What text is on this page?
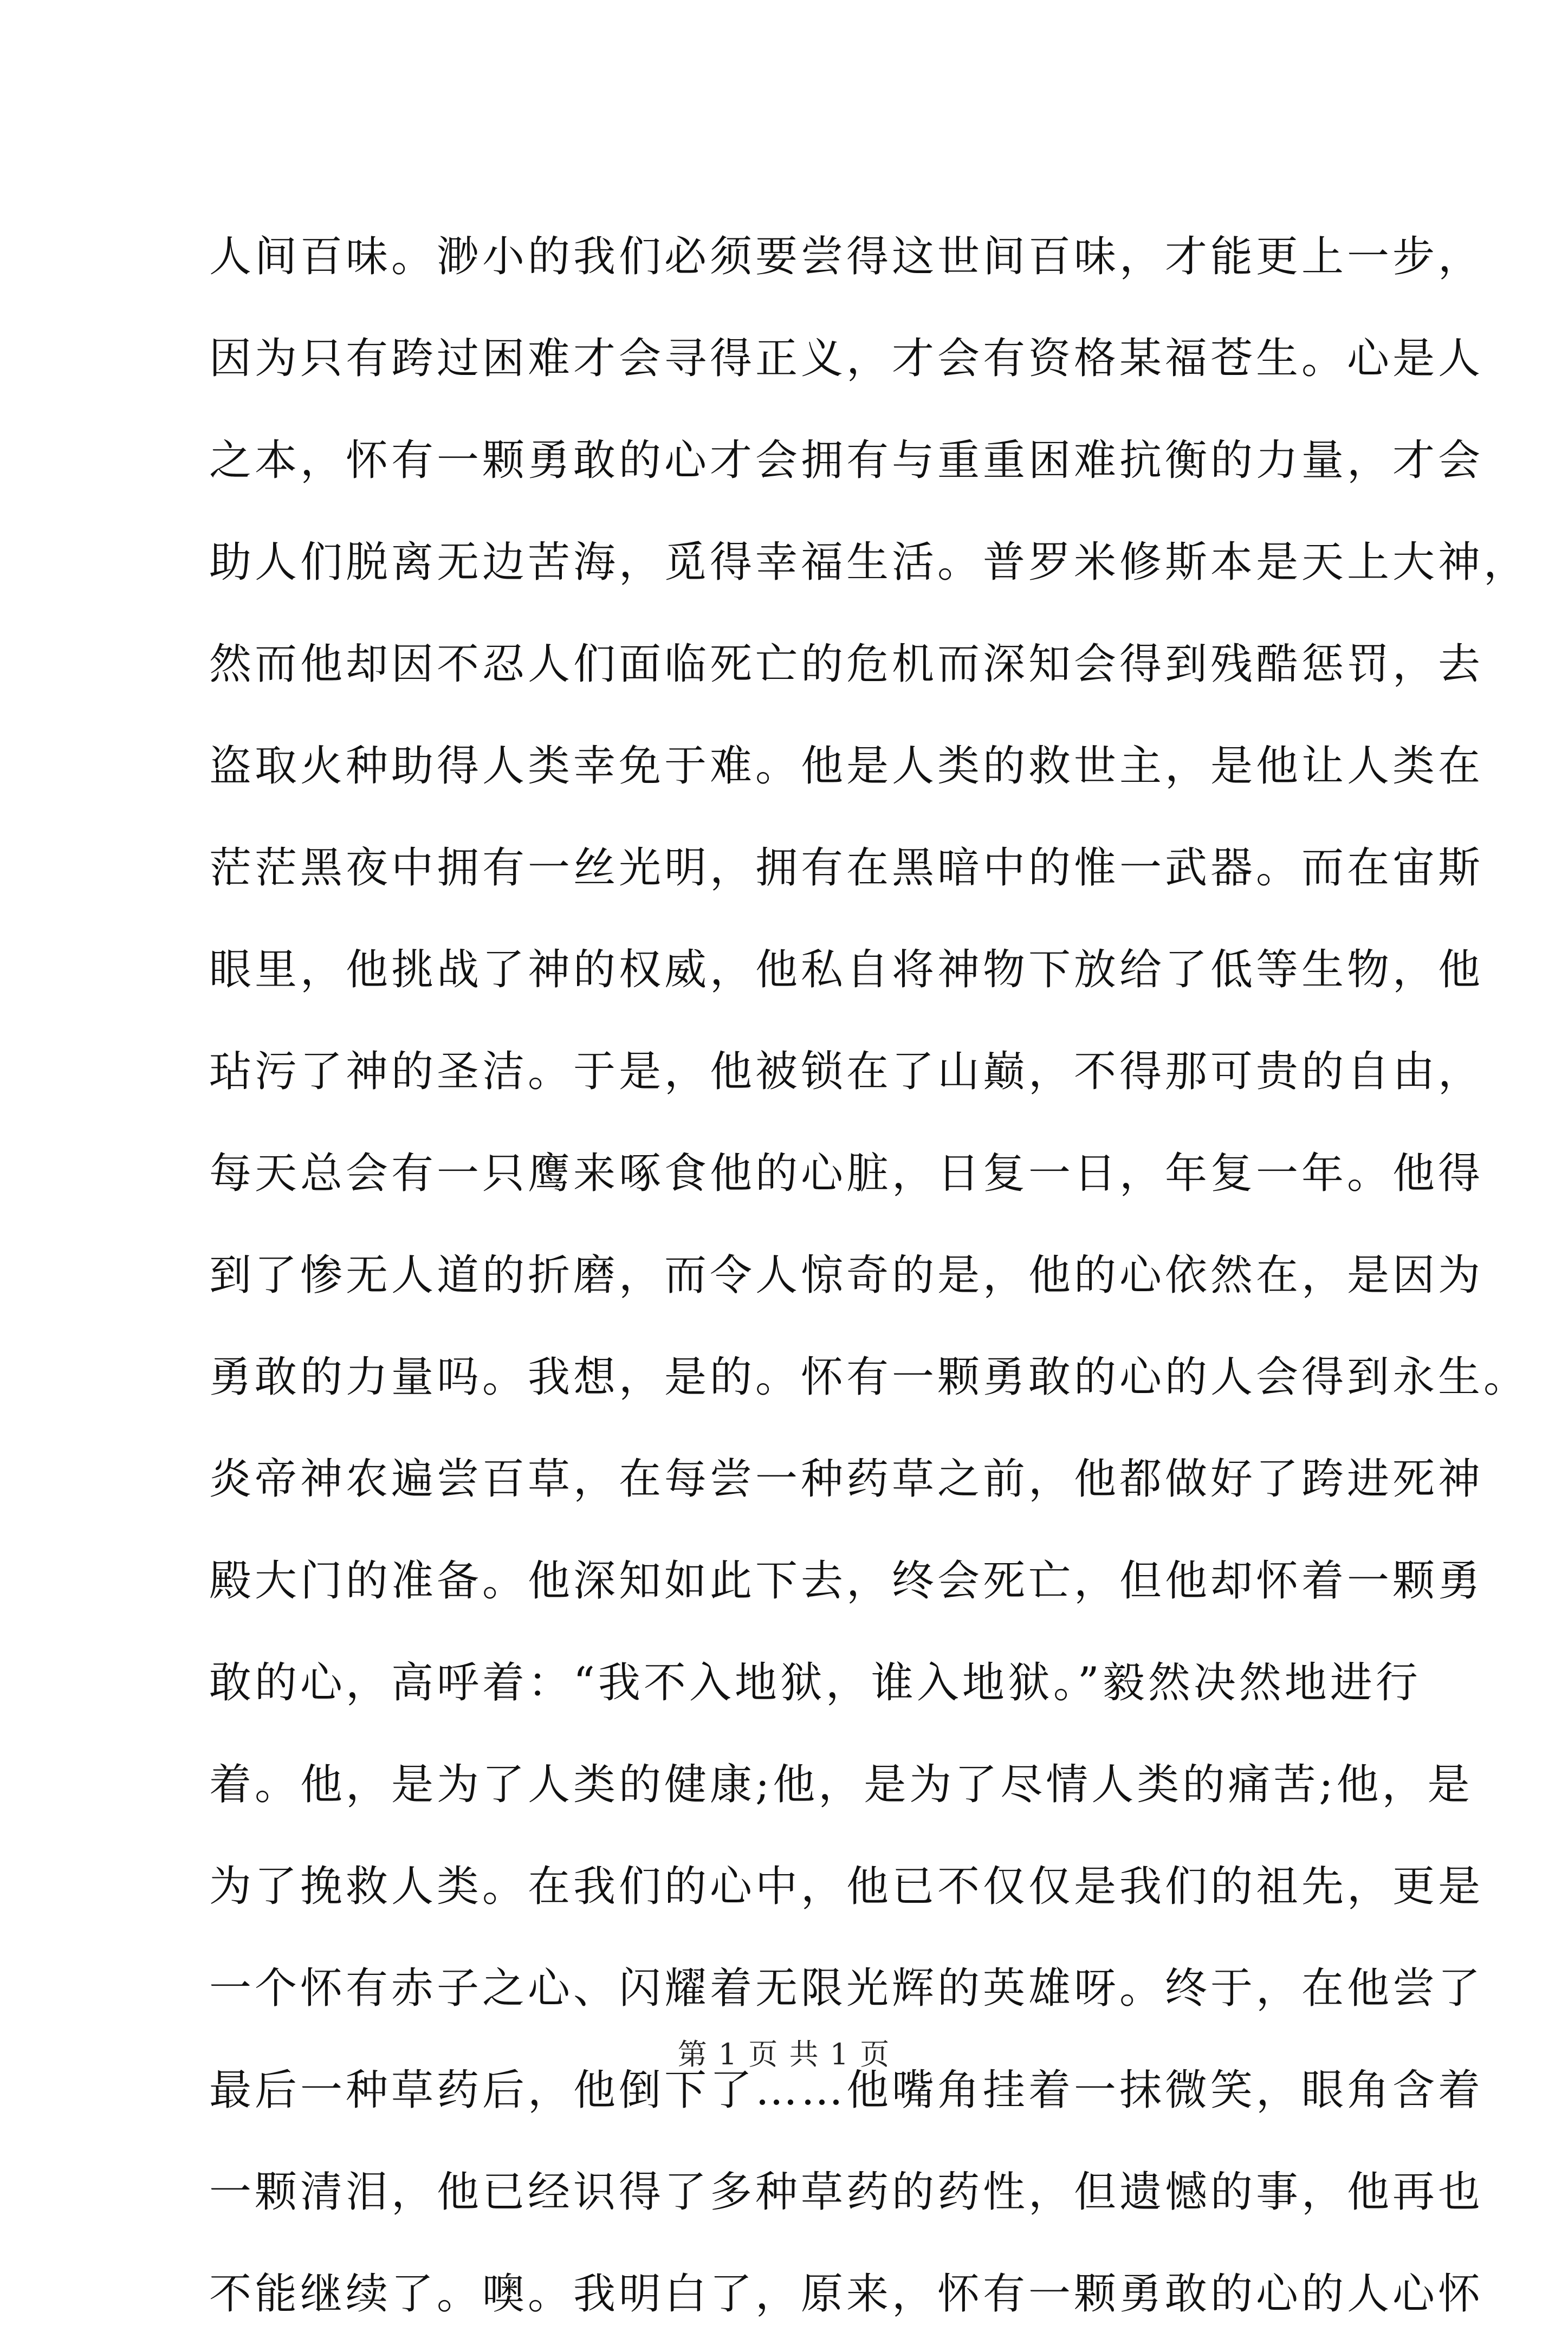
人间百味。渺小的我们必须要尝得这世间百味，才能更上一步，
因为只有跨过困难才会寻得正义，才会有资格某福苍生。心是人
之本，怀有一颗勇敢的心才会拥有与重重困难抗衡的力量，才会
助人们脱离无边苦海，觅得幸福生活。普罗米修斯本是天上大神，
然而他却因不忍人们面临死亡的危机而深知会得到残酷惩罚，去
盗取火种助得人类幸免于难。他是人类的救世主，是他让人类在
茫茫黑夜中拥有一丝光明，拥有在黑暗中的惟一武器。而在宙斯
眼里，他挑战了神的权威，他私自将神物下放给了低等生物，他
玷污了神的圣洁。于是，他被锁在了山巅，不得那可贵的自由，
每天总会有一只鹰来啄食他的心脏，日复一日，年复一年。他得
到了惨无人道的折磨，而令人惊奇的是，他的心依然在，是因为
勇敢的力量吗。我想，是的。怀有一颗勇敢的心的人会得到永生。
炎帝神农遍尝百草，在每尝一种药草之前，他都做好了跨进死神
殿大门的准备。他深知如此下去，终会死亡，但他却怀着一颗勇
敢的心，高呼着：“我不入地狱，谁入地狱。”毅然决然地进行
着。他，是为了人类的健康;他，是为了尽情人类的痛苦;他，是
为了挽救人类。在我们的心中，他已不仅仅是我们的祖先，更是
一个怀有赤子之心、闪耀着无限光辉的英雄呀。终于，在他尝了
最后一种草药后，他倒下了……他嘴角挂着一抹微笑，眼角含着
一颗清泪，他已经识得了多种草药的药性，但遗憾的事，他再也
不能继续了。噢。我明白了，原来，怀有一颗勇敢的心的人心怀
第 1 页 共 1 页
